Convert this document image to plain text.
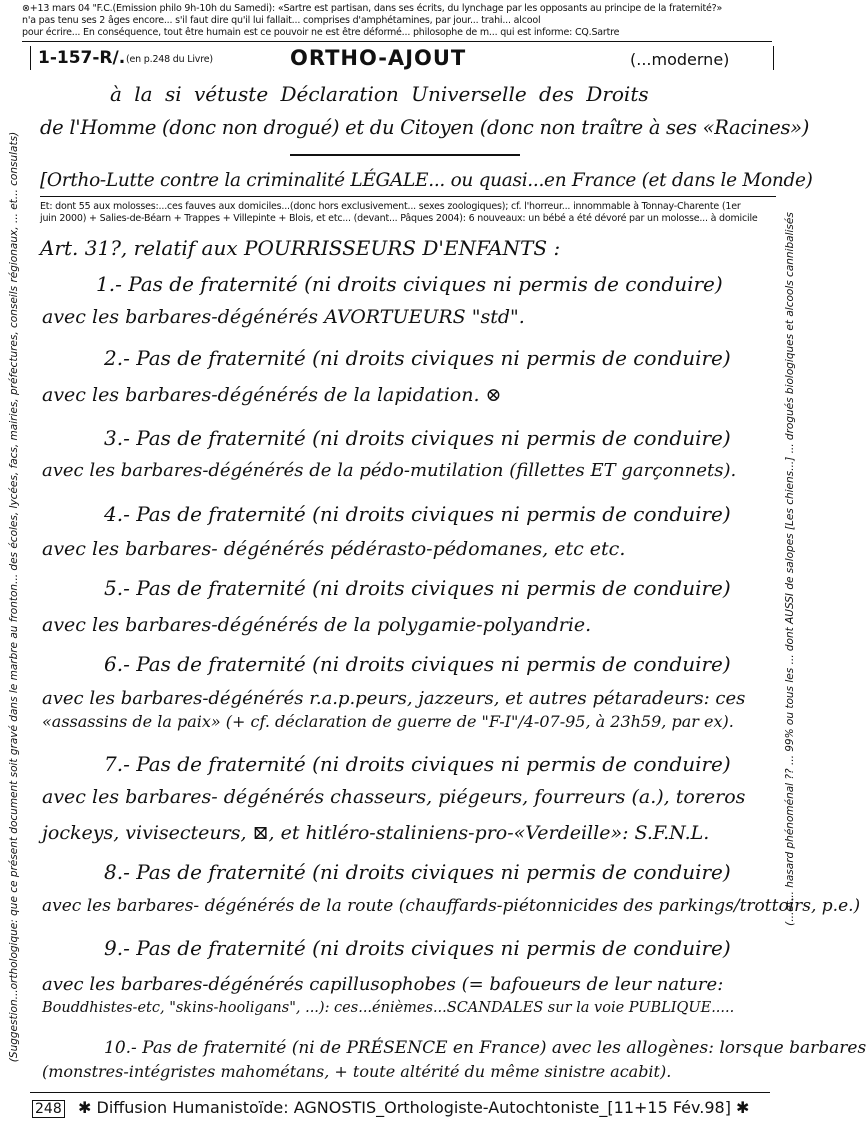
(Suggestion...orthologique: que ce présent document soit gravé dans le marbre au fronton... des écoles, lycées, facs, mairies, préfectures, conseils régionaux, ... et... consulats)	(...et... hasard phénoménal ?? ... 99% ou tous les ... dont AUSSI de salopes [Les chiens...] ... drogués biologiques et alcools cannibalisés
⊗+13 mars 04 "F.C.(Emission philo 9h-10h du Samedi): «Sartre est partisan, dans ses écrits, du lynchage par les opposants au principe de la fraternité?»
n'a pas tenu ses 2 âges encore... s'il faut dire qu'il lui fallait... comprises d'amphétamines, par jour... trahi... alcool
pour écrire... En conséquence, tout être humain est ce pouvoir ne est être déformé... philosophe de m... qui est informe: CQ.Sartre
1-157-R/. (en p.248 du Livre)	ORTHO-AJOUT	(...moderne)
à la si vétuste Déclaration Universelle des Droits
de l'Homme (donc non drogué) et du Citoyen (donc non traître à ses «Racines»)
[Ortho-Lutte contre la criminalité LÉGALE... ou quasi...en France (et dans le Monde)
Et: dont 55 aux molosses:...ces fauves aux domiciles...(donc hors exclusivement... sexes zoologiques); cf. l'horreur... innommable à Tonnay-Charente (1er
juin 2000) + Salies-de-Béarn + Trappes + Villepinte + Blois, et etc... (devant... Pâques 2004): 6 nouveaux: un bébé a été dévoré par un molosse... à domicile
Art. 31?, relatif aux POURRISSEURS D'ENFANTS :
1.- Pas de fraternité (ni droits civiques ni permis de conduire)
avec les barbares-dégénérés AVORTUEURS "std".
2.- Pas de fraternité (ni droits civiques ni permis de conduire)
avec les barbares-dégénérés de la lapidation. ⊗
3.- Pas de fraternité (ni droits civiques ni permis de conduire)
avec les barbares-dégénérés de la pédo-mutilation (fillettes ET garçonnets).
4.- Pas de fraternité (ni droits civiques ni permis de conduire)
avec les barbares- dégénérés pédérasto-pédomanes, etc etc.
5.- Pas de fraternité (ni droits civiques ni permis de conduire)
avec les barbares-dégénérés de la polygamie-polyandrie.
6.- Pas de fraternité (ni droits civiques ni permis de conduire)
avec les barbares-dégénérés r.a.p.peurs, jazzeurs, et autres pétaradeurs: ces
«assassins de la paix» (+ cf. déclaration de guerre de "F-I"/4-07-95, à 23h59, par ex).
7.- Pas de fraternité (ni droits civiques ni permis de conduire)
avec les barbares- dégénérés chasseurs, piégeurs, fourreurs (a.), toreros
jockeys, vivisecteurs, ⊠, et hitléro-staliniens-pro-«Verdeille»: S.F.N.L.
8.- Pas de fraternité (ni droits civiques ni permis de conduire)
avec les barbares- dégénérés de la route (chauffards-piétonnicides des parkings/trottoirs, p.e.)
9.- Pas de fraternité (ni droits civiques ni permis de conduire)
avec les barbares-dégénérés capillusophobes (= bafoueurs de leur nature:
Bouddhistes-etc, "skins-hooligans", ...): ces...énièmes...SCANDALES sur la voie PUBLIQUE.....
10.- Pas de fraternité (ni de PRÉSENCE en France) avec les allogènes: lorsque barbares
(monstres-intégristes mahométans, + toute altérité du même sinistre acabit).
248 ✱ Diffusion Humanistoïde: AGNOSTIS_Orthologiste-Autochtoniste_[11+15 Fév.98] ✱
